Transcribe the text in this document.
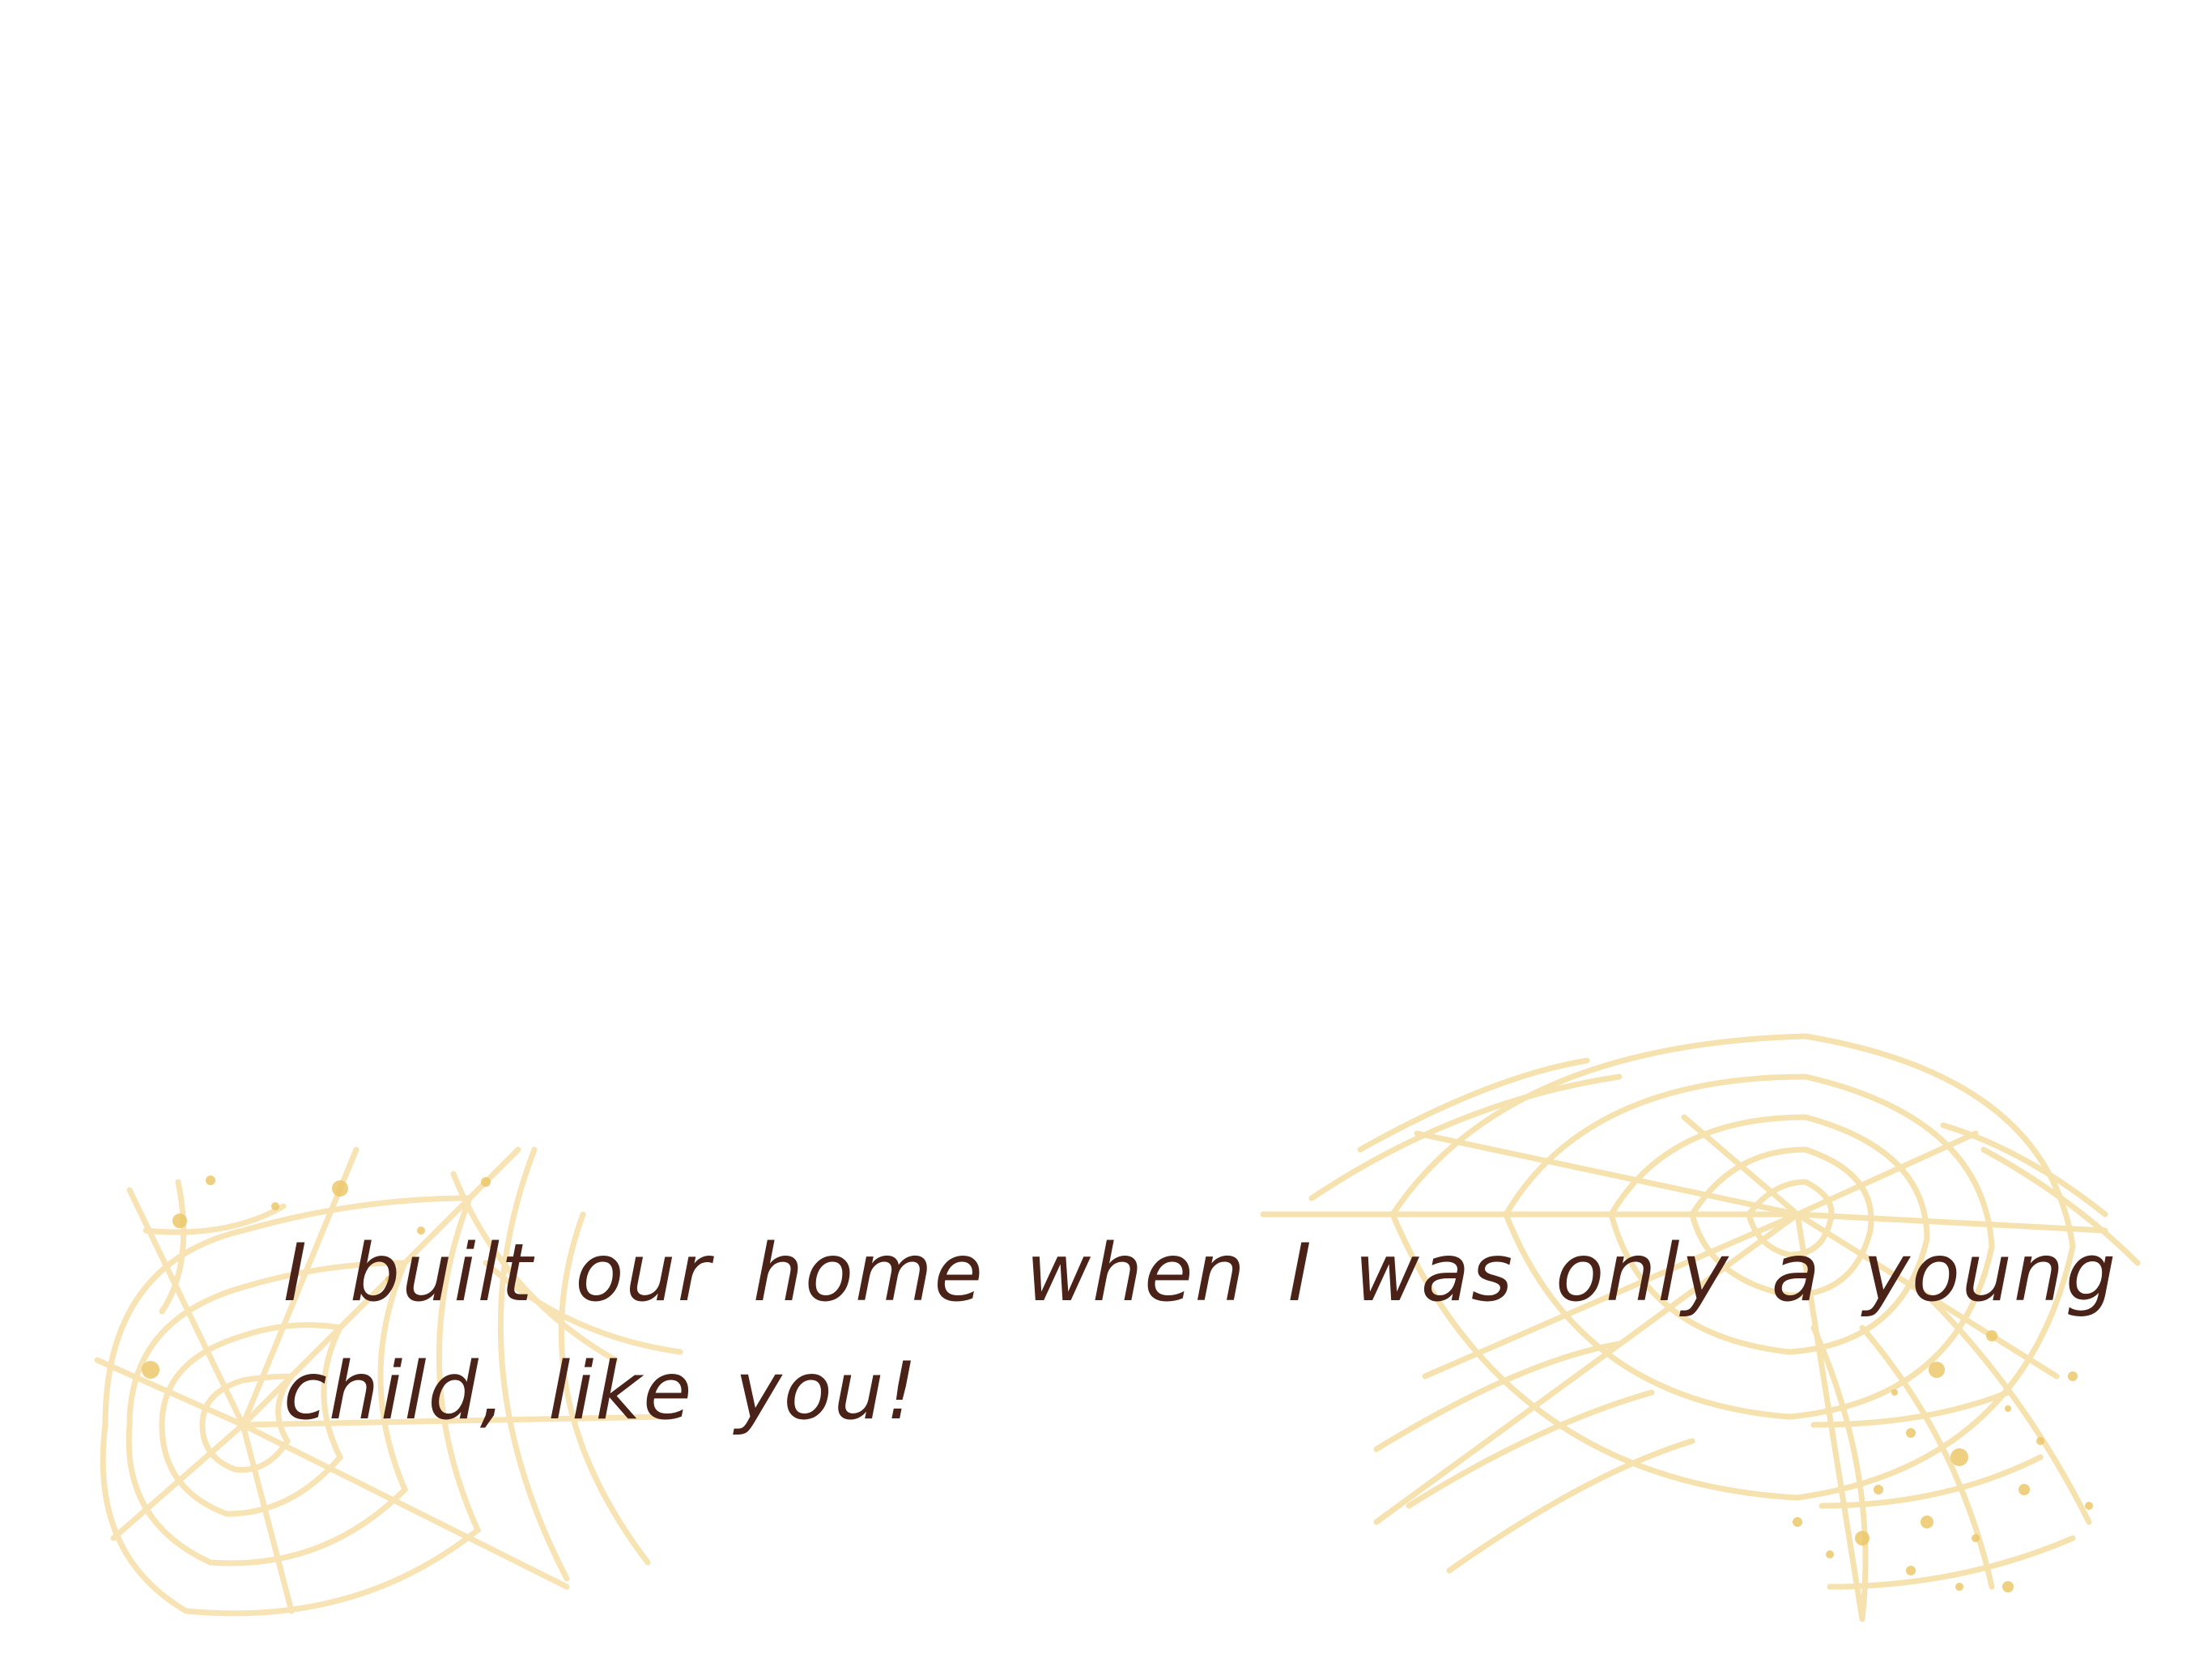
I built our home when I was only a young
child, like you!
